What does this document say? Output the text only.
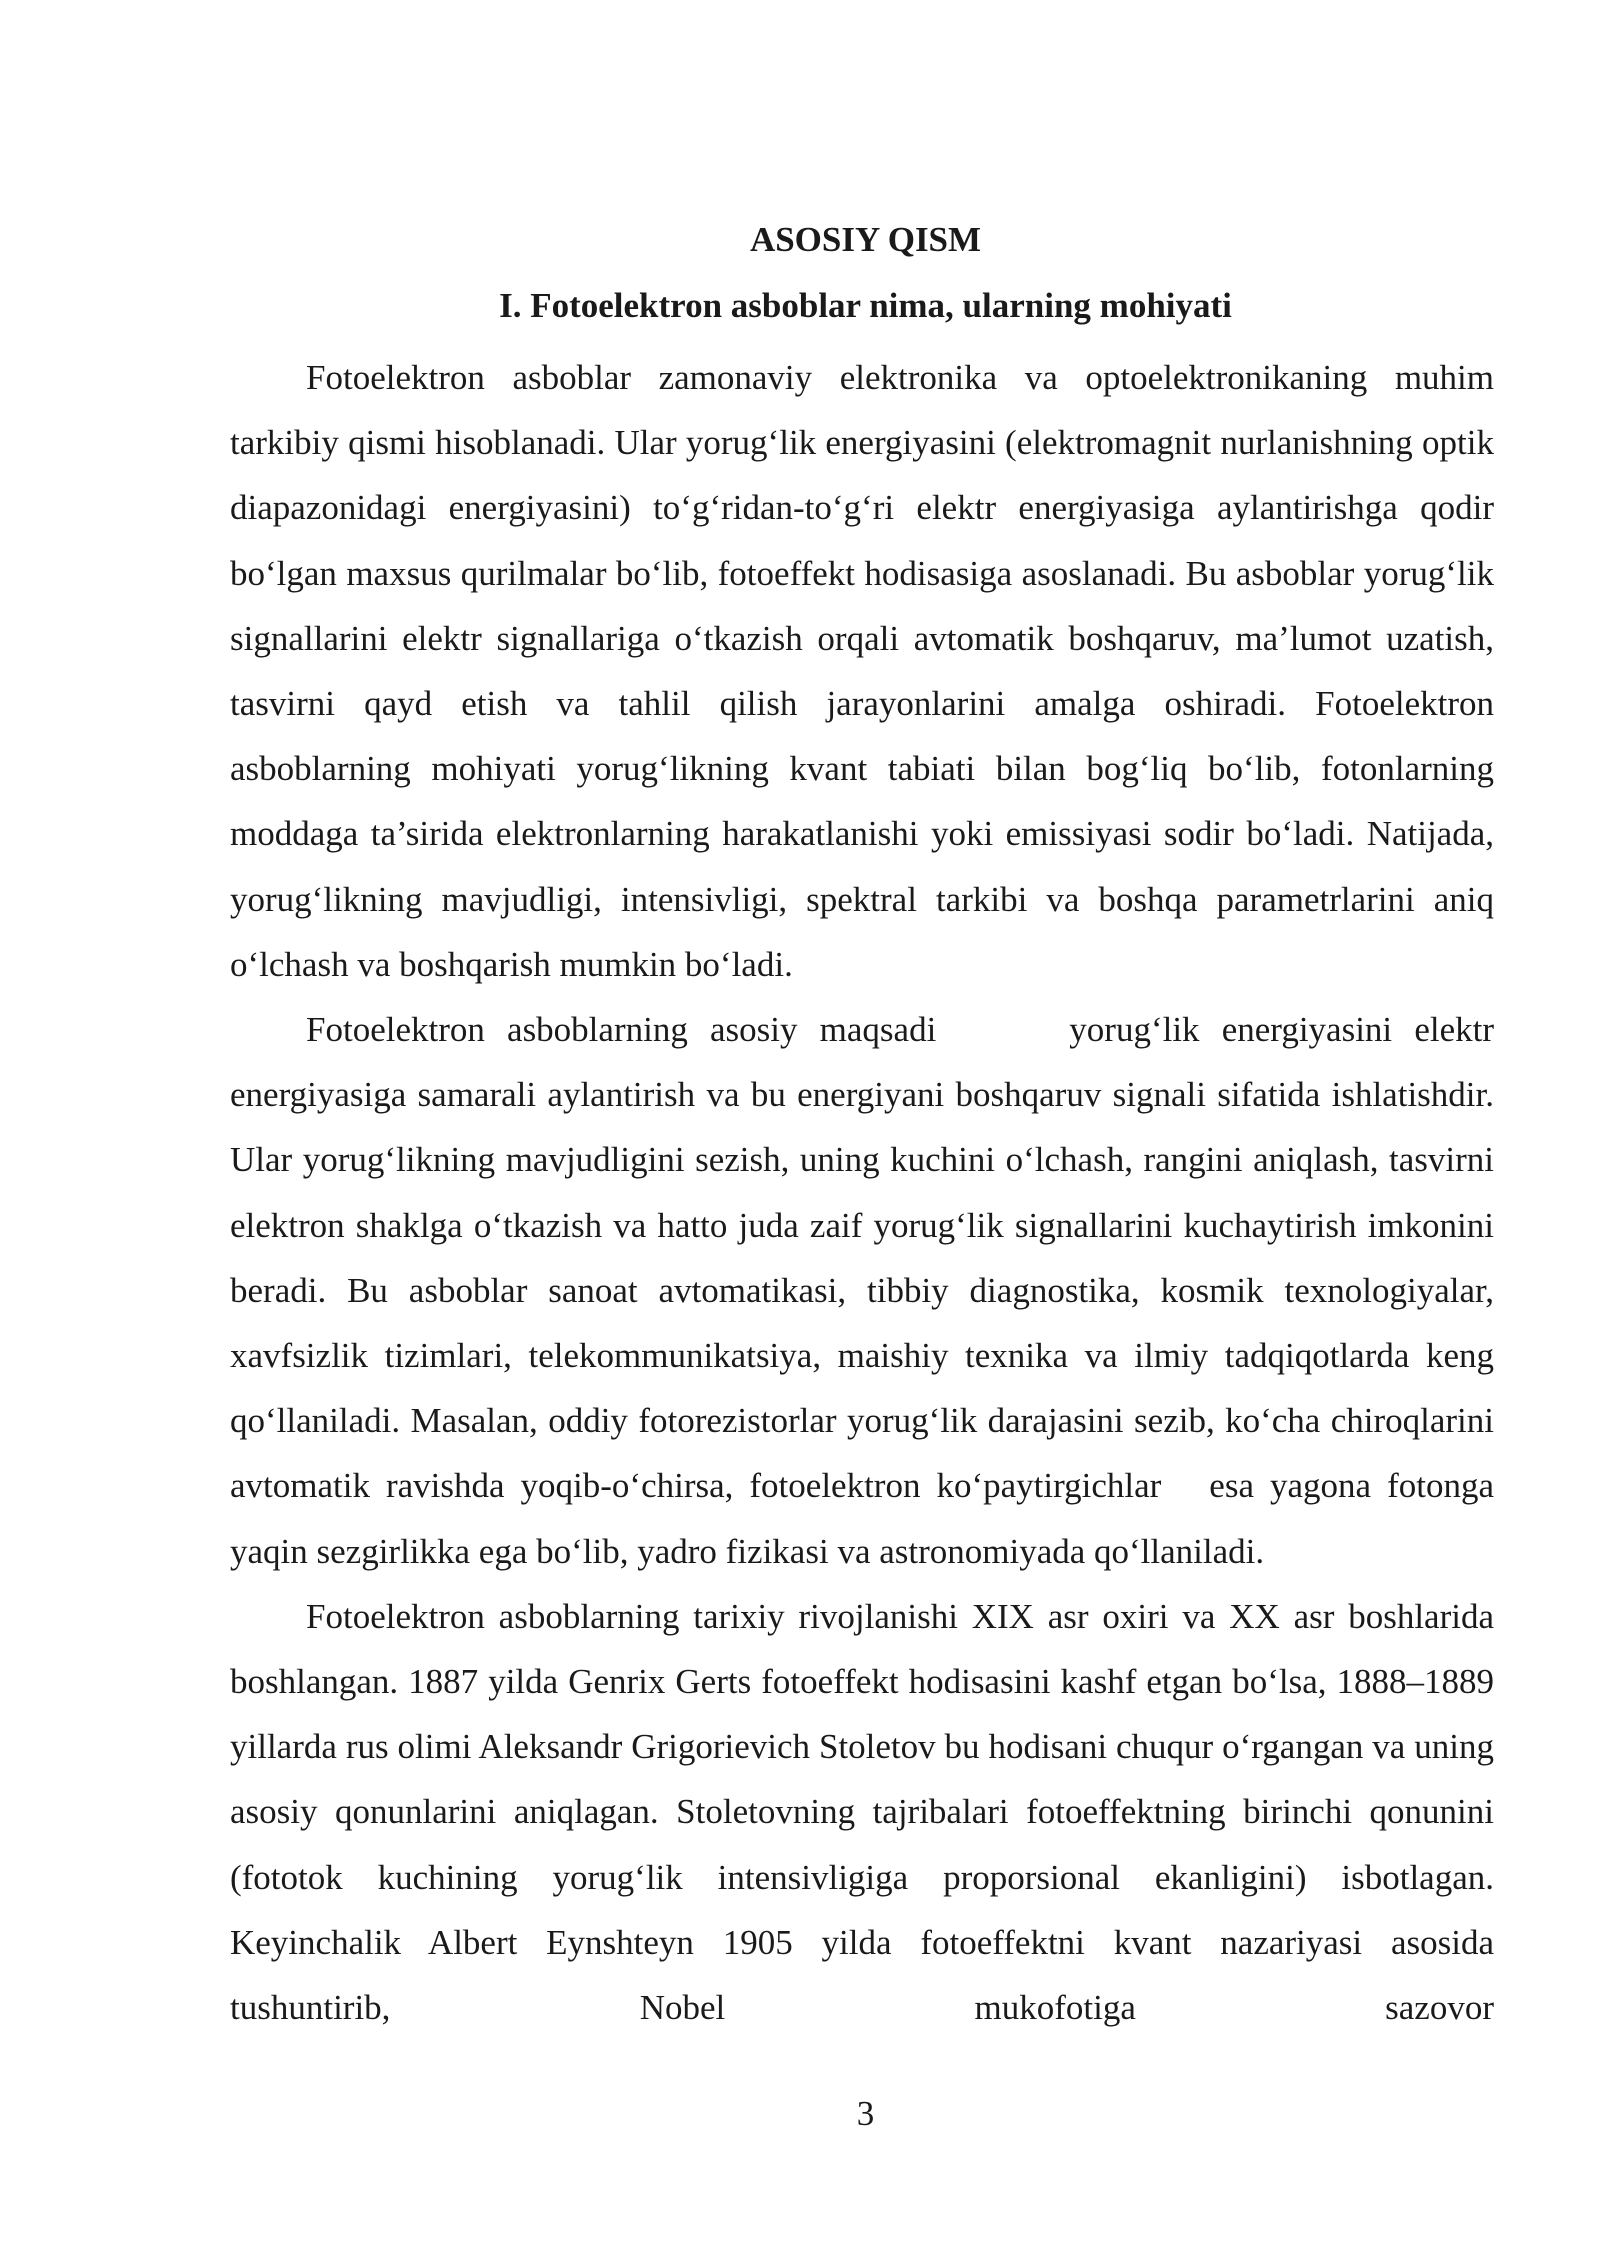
ASOSIY QISM
I. Fotoelektron asboblar nima, ularning mohiyati

Fotoelektron asboblar zamonaviy elektronika va optoelektronikaning muhim tarkibiy qismi hisoblanadi. Ular yorug‘lik energiyasini (elektromagnit nurlanishning optik diapazonidagi energiyasini) to‘g‘ridan-to‘g‘ri elektr energiyasiga aylantirishga qodir bo‘lgan maxsus qurilmalar bo‘lib, fotoeffekt hodisasiga asoslanadi. Bu asboblar yorug‘lik signallarini elektr signallariga o‘tkazish orqali avtomatik boshqaruv, ma’lumot uzatish, tasvirni qayd etish va tahlil qilish jarayonlarini amalga oshiradi. Fotoelektron asboblarning mohiyati yorug‘likning kvant tabiati bilan bog‘liq bo‘lib, fotonlarning moddaga ta’sirida elektronlarning harakatlanishi yoki emissiyasi sodir bo‘ladi. Natijada, yorug‘likning mavjudligi, intensivligi, spektral tarkibi va boshqa parametrlarini aniq o‘lchash va boshqarish mumkin bo‘ladi.

Fotoelektron asboblarning asosiy maqsadi      yorug‘lik energiyasini elektr energiyasiga samarali aylantirish va bu energiyani boshqaruv signali sifatida ishlatishdir. Ular yorug‘likning mavjudligini sezish, uning kuchini o‘lchash, rangini aniqlash, tasvirni elektron shaklga o‘tkazish va hatto juda zaif yorug‘lik signallarini kuchaytirish imkonini beradi. Bu asboblar sanoat avtomatikasi, tibbiy diagnostika, kosmik texnologiyalar, xavfsizlik tizimlari, telekommunikatsiya, maishiy texnika va ilmiy tadqiqotlarda keng qo‘llaniladi. Masalan, oddiy fotorezistorlar yorug‘lik darajasini sezib, ko‘cha chiroqlarini avtomatik ravishda yoqib-o‘chirsa, fotoelektron ko‘paytirgichlar   esa yagona fotonga yaqin sezgirlikka ega bo‘lib, yadro fizikasi va astronomiyada qo‘llaniladi.

Fotoelektron asboblarning tarixiy rivojlanishi XIX asr oxiri va XX asr boshlarida boshlangan. 1887 yilda Genrix Gerts fotoeffekt hodisasini kashf etgan bo‘lsa, 1888–1889 yillarda rus olimi Aleksandr Grigorievich Stoletov bu hodisani chuqur o‘rgangan va uning asosiy qonunlarini aniqlagan. Stoletovning tajribalari fotoeffektning birinchi qonunini (fototok kuchining yorug‘lik intensivligiga proporsional ekanligini) isbotlagan. Keyinchalik Albert Eynshteyn 1905 yilda fotoeffektni kvant nazariyasi asosida tushuntirib, Nobel mukofotiga sazovor

3
